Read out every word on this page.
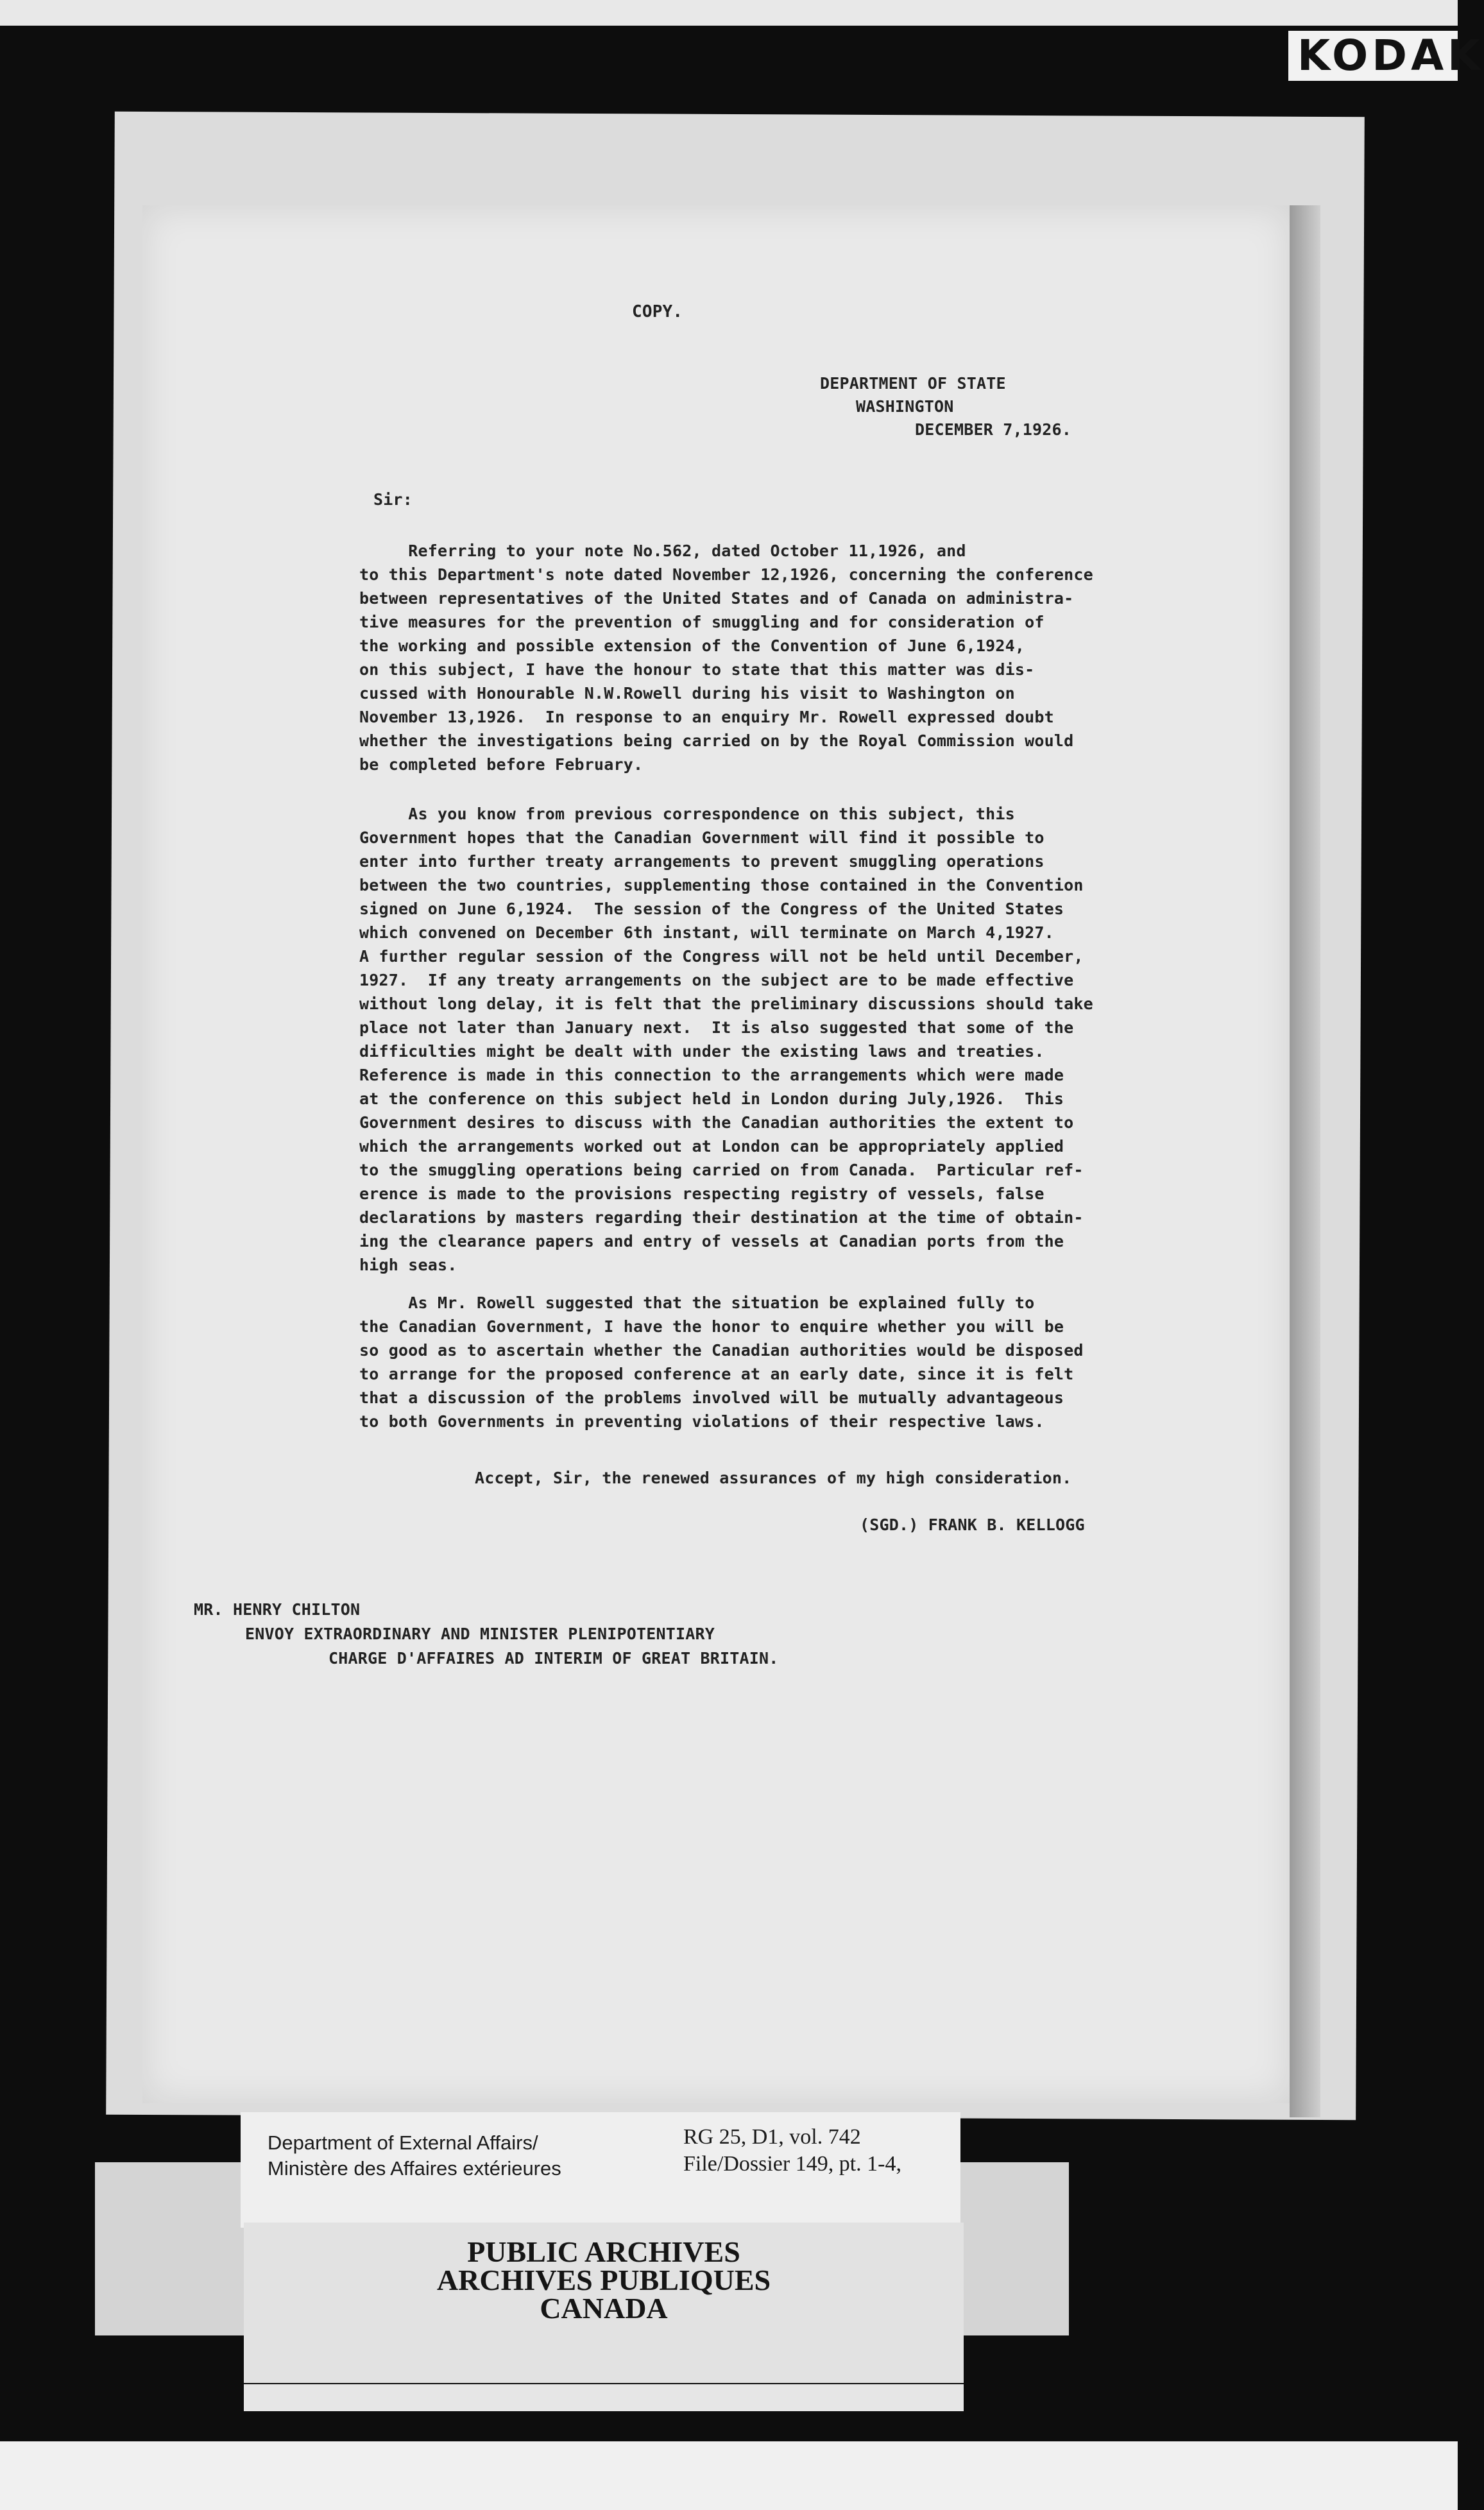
KODAK
COPY.
DEPARTMENT OF STATE
WASHINGTON
DECEMBER 7,1926.
Sir:
Referring to your note No.562, dated October 11,1926, and
to this Department's note dated November 12,1926, concerning the conference
between representatives of the United States and of Canada on administra-
tive measures for the prevention of smuggling and for consideration of
the working and possible extension of the Convention of June 6,1924,
on this subject, I have the honour to state that this matter was dis-
cussed with Honourable N.W.Rowell during his visit to Washington on
November 13,1926.  In response to an enquiry Mr. Rowell expressed doubt
whether the investigations being carried on by the Royal Commission would
be completed before February.
As you know from previous correspondence on this subject, this
Government hopes that the Canadian Government will find it possible to
enter into further treaty arrangements to prevent smuggling operations
between the two countries, supplementing those contained in the Convention
signed on June 6,1924.  The session of the Congress of the United States
which convened on December 6th instant, will terminate on March 4,1927.
A further regular session of the Congress will not be held until December,
1927.  If any treaty arrangements on the subject are to be made effective
without long delay, it is felt that the preliminary discussions should take
place not later than January next.  It is also suggested that some of the
difficulties might be dealt with under the existing laws and treaties.
Reference is made in this connection to the arrangements which were made
at the conference on this subject held in London during July,1926.  This
Government desires to discuss with the Canadian authorities the extent to
which the arrangements worked out at London can be appropriately applied
to the smuggling operations being carried on from Canada.  Particular ref-
erence is made to the provisions respecting registry of vessels, false
declarations by masters regarding their destination at the time of obtain-
ing the clearance papers and entry of vessels at Canadian ports from the
high seas.
As Mr. Rowell suggested that the situation be explained fully to
the Canadian Government, I have the honor to enquire whether you will be
so good as to ascertain whether the Canadian authorities would be disposed
to arrange for the proposed conference at an early date, since it is felt
that a discussion of the problems involved will be mutually advantageous
to both Governments in preventing violations of their respective laws.
Accept, Sir, the renewed assurances of my high consideration.
(SGD.) FRANK B. KELLOGG
MR. HENRY CHILTON
ENVOY EXTRAORDINARY AND MINISTER PLENIPOTENTIARY
CHARGE D'AFFAIRES AD INTERIM OF GREAT BRITAIN.
Department of External Affairs/
Ministère des Affaires extérieures
RG 25, D1, vol. 742
File/Dossier 149, pt. 1-4,
PUBLIC ARCHIVES
ARCHIVES PUBLIQUES
CANADA
